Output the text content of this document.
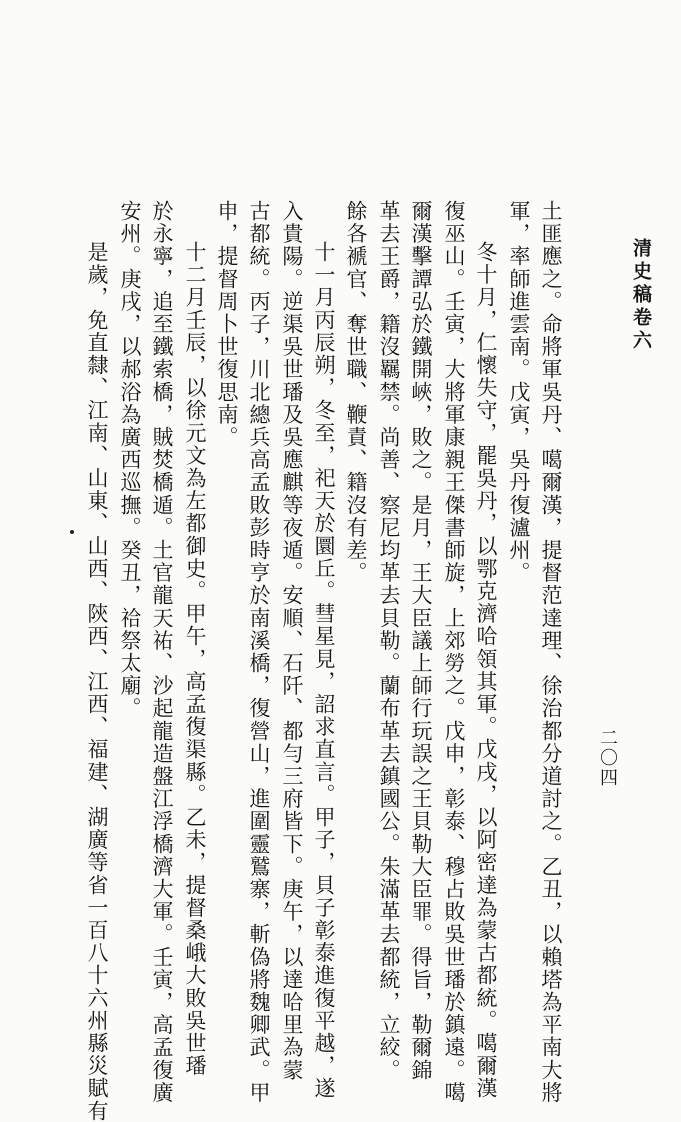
清史稿卷六
二〇四
土匪應之。命將軍吳丹、噶爾漢，提督范達理、徐治都分道討之。乙丑，以賴塔為平南大將
軍，率師進雲南。戊寅，吳丹復瀘州。
冬十月，仁懷失守，罷吳丹，以鄂克濟哈領其軍。戊戌，以阿密達為蒙古都統。噶爾漢
復巫山。壬寅，大將軍康親王傑書師旋，上郊勞之。戊申，彰泰、穆占敗吳世璠於鎮遠。噶
爾漢擊譚弘於鐵開峽，敗之。是月，王大臣議上師行玩誤之王貝勒大臣罪。得旨，勒爾錦
革去王爵，籍沒羈禁。尚善、察尼均革去貝勒。蘭布革去鎮國公。朱滿革去都統，立絞。
餘各褫官、奪世職、鞭責、籍沒有差。
十一月丙辰朔，冬至，祀天於圜丘。彗星見，詔求直言。甲子，貝子彰泰進復平越，遂
入貴陽。逆渠吳世璠及吳應麒等夜遁。安順、石阡、都勻三府皆下。庚午，以達哈里為蒙
古都統。丙子，川北總兵高孟敗彭時亨於南溪橋，復營山，進圍靈鷲寨，斬偽將魏卿武。甲
申，提督周卜世復思南。
十二月壬辰，以徐元文為左都御史。甲午，高孟復渠縣。乙未，提督桑峨大敗吳世璠
於永寧，追至鐵索橋，賊焚橋遁。土官龍天祐、沙起龍造盤江浮橋濟大軍。壬寅，高孟復廣
安州。庚戌，以郝浴為廣西巡撫。癸丑，祫祭太廟。
是歲，免直隸、江南、山東、山西、陝西、江西、福建、湖廣等省一百八十六州縣災賦有
